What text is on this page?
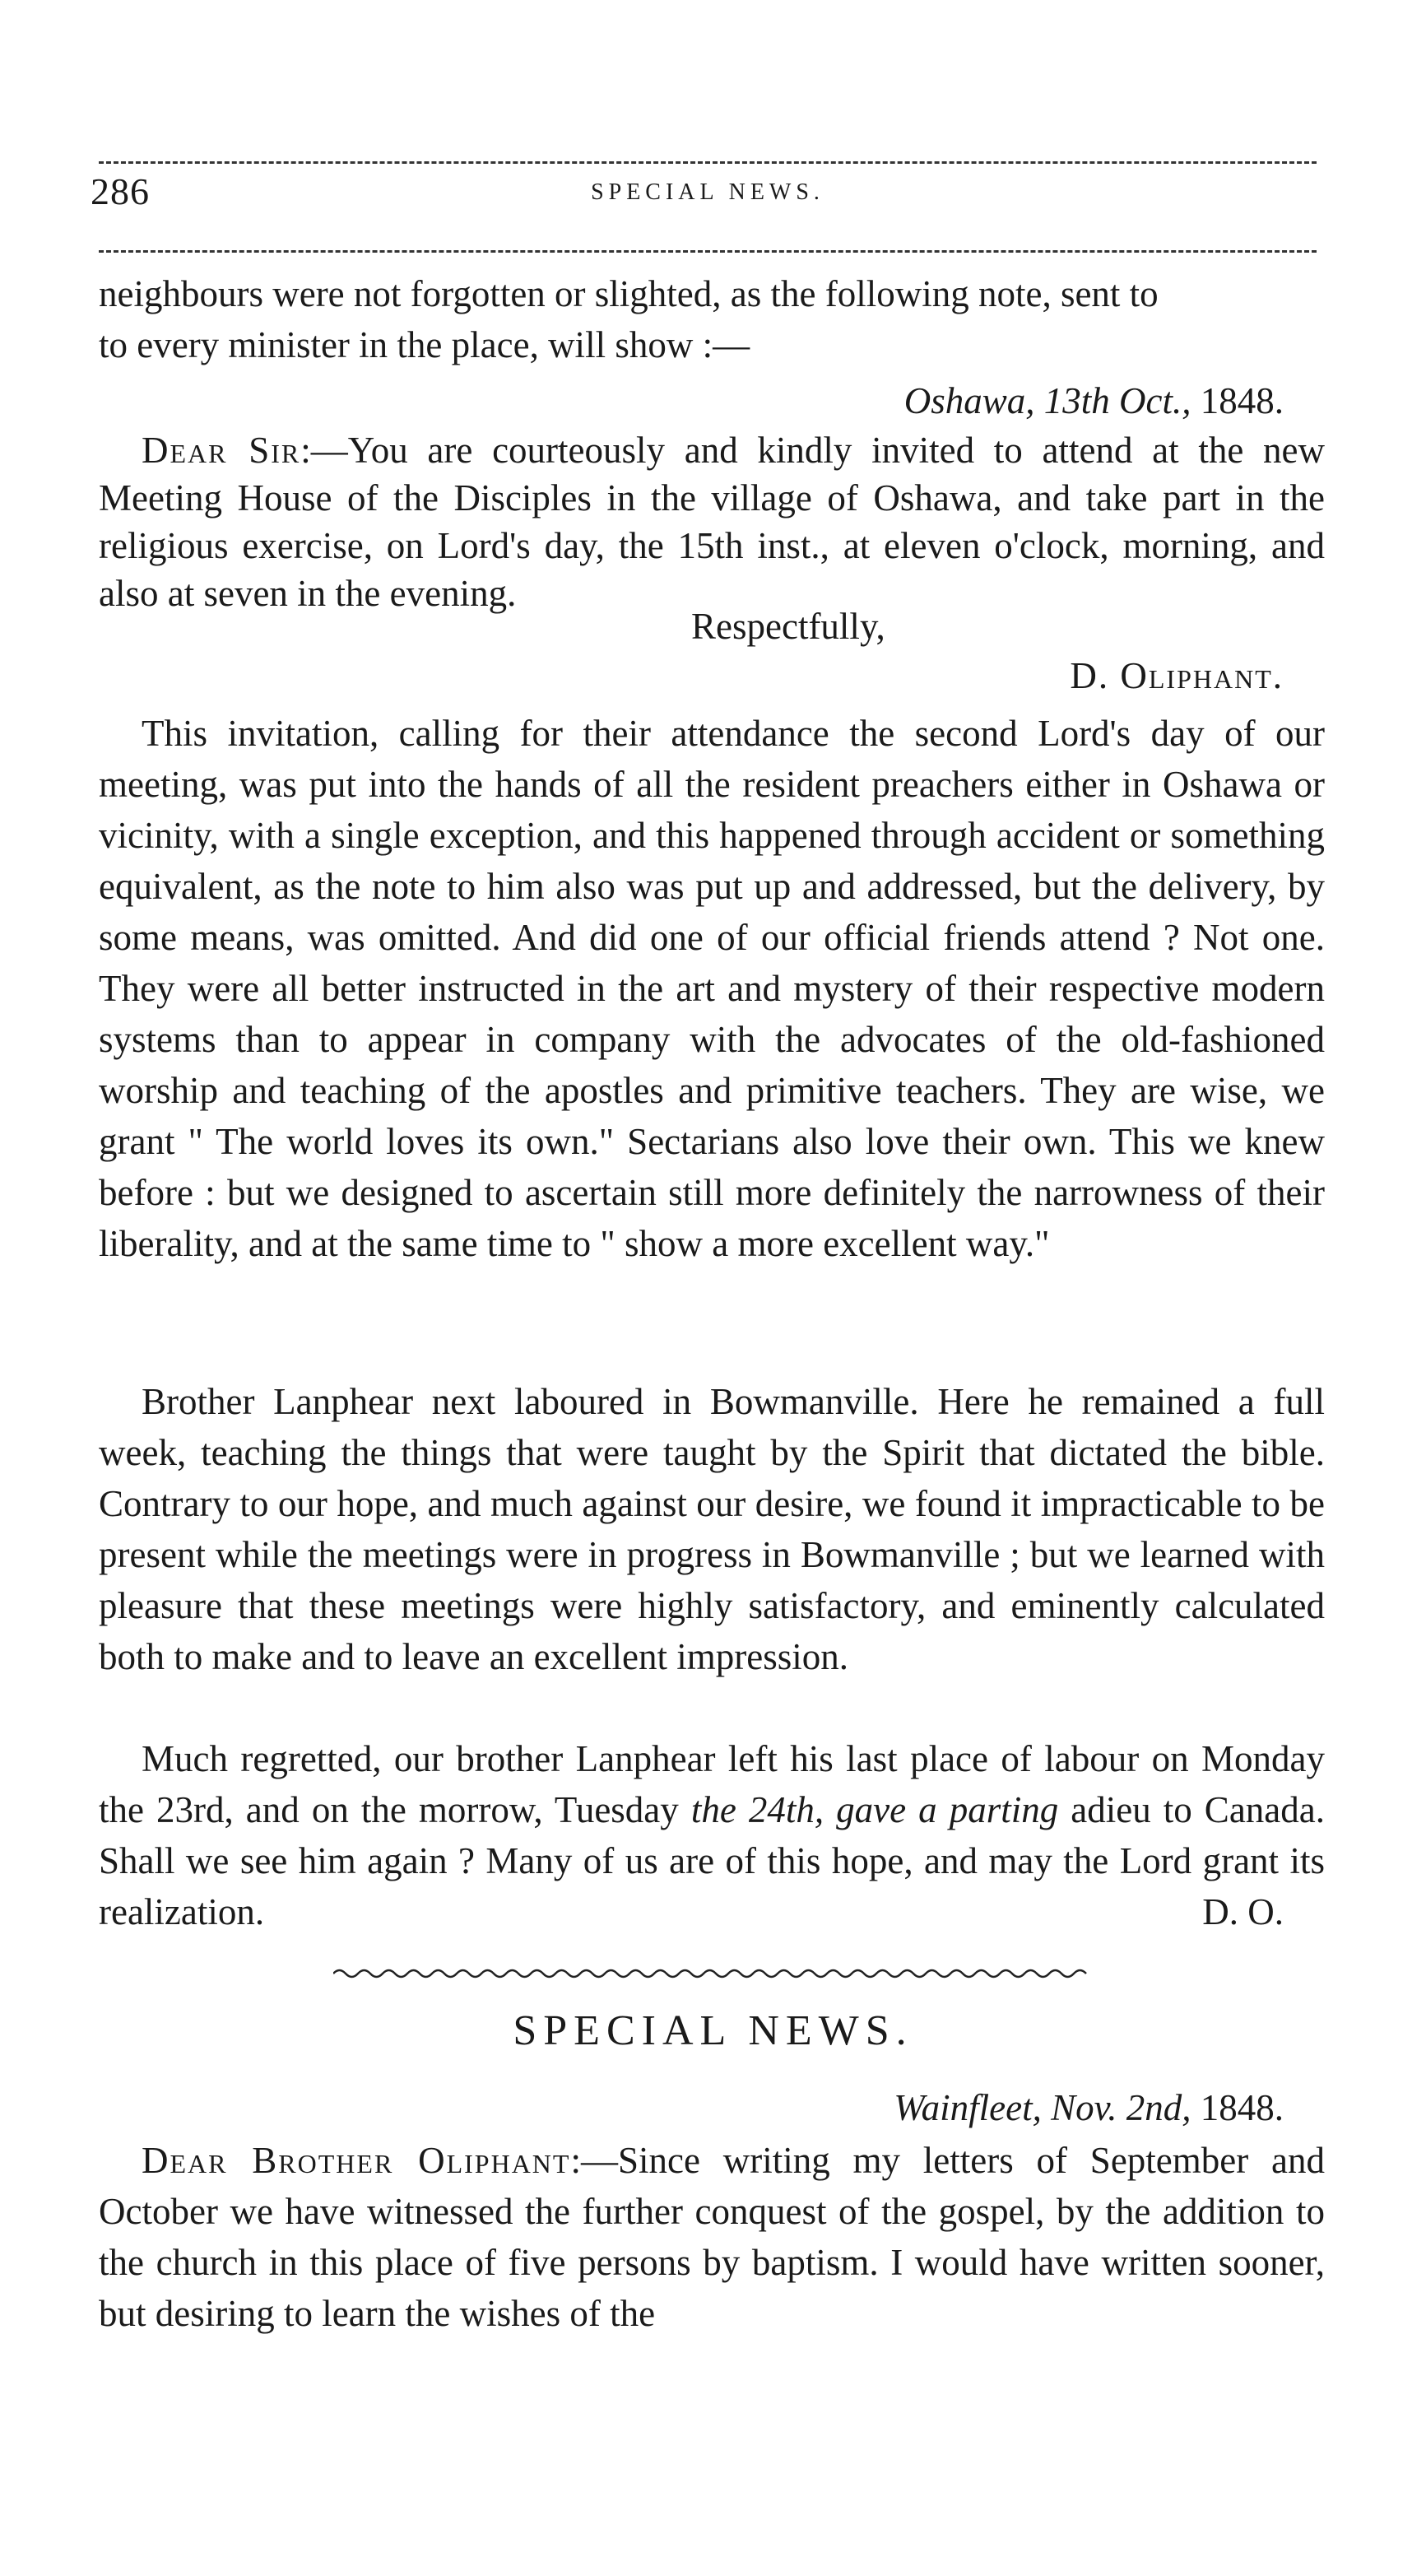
286	SPECIAL NEWS.
neighbours were not forgotten or slighted, as the following note, sent to
to every minister in the place, will show :—
Oshawa, 13th Oct., 1848.
Dear Sir:—You are courteously and kindly invited to attend at the new Meeting House of the Disciples in the village of Oshawa, and take part in the religious exercise, on Lord's day, the 15th inst., at eleven o'clock, morning, and also at seven in the evening.
Respectfully,
D. Oliphant.
This invitation, calling for their attendance the second Lord's day of our meeting, was put into the hands of all the resident preachers either in Oshawa or vicinity, with a single exception, and this happened through accident or something equivalent, as the note to him also was put up and addressed, but the delivery, by some means, was omitted. And did one of our official friends attend ? Not one. They were all better instructed in the art and mystery of their respective modern systems than to appear in company with the advocates of the old-fashioned worship and teaching of the apostles and primitive teachers. They are wise, we grant " The world loves its own." Sectarians also love their own. This we knew before : but we designed to ascertain still more definitely the narrowness of their liberality, and at the same time to " show a more excellent way."
Brother Lanphear next laboured in Bowmanville. Here he remained a full week, teaching the things that were taught by the Spirit that dictated the bible. Contrary to our hope, and much against our desire, we found it impracticable to be present while the meetings were in progress in Bowmanville ; but we learned with pleasure that these meetings were highly satisfactory, and eminently calculated both to make and to leave an excellent impression.
Much regretted, our brother Lanphear left his last place of labour on Monday the 23rd, and on the morrow, Tuesday the 24th, gave a parting adieu to Canada. Shall we see him again ? Many of us are of this hope, and may the Lord grant its realization.	D. O.
SPECIAL NEWS.
Wainfleet, Nov. 2nd, 1848.
Dear Brother Oliphant:—Since writing my letters of September and October we have witnessed the further conquest of the gospel, by the addition to the church in this place of five persons by baptism. I would have written sooner, but desiring to learn the wishes of the
